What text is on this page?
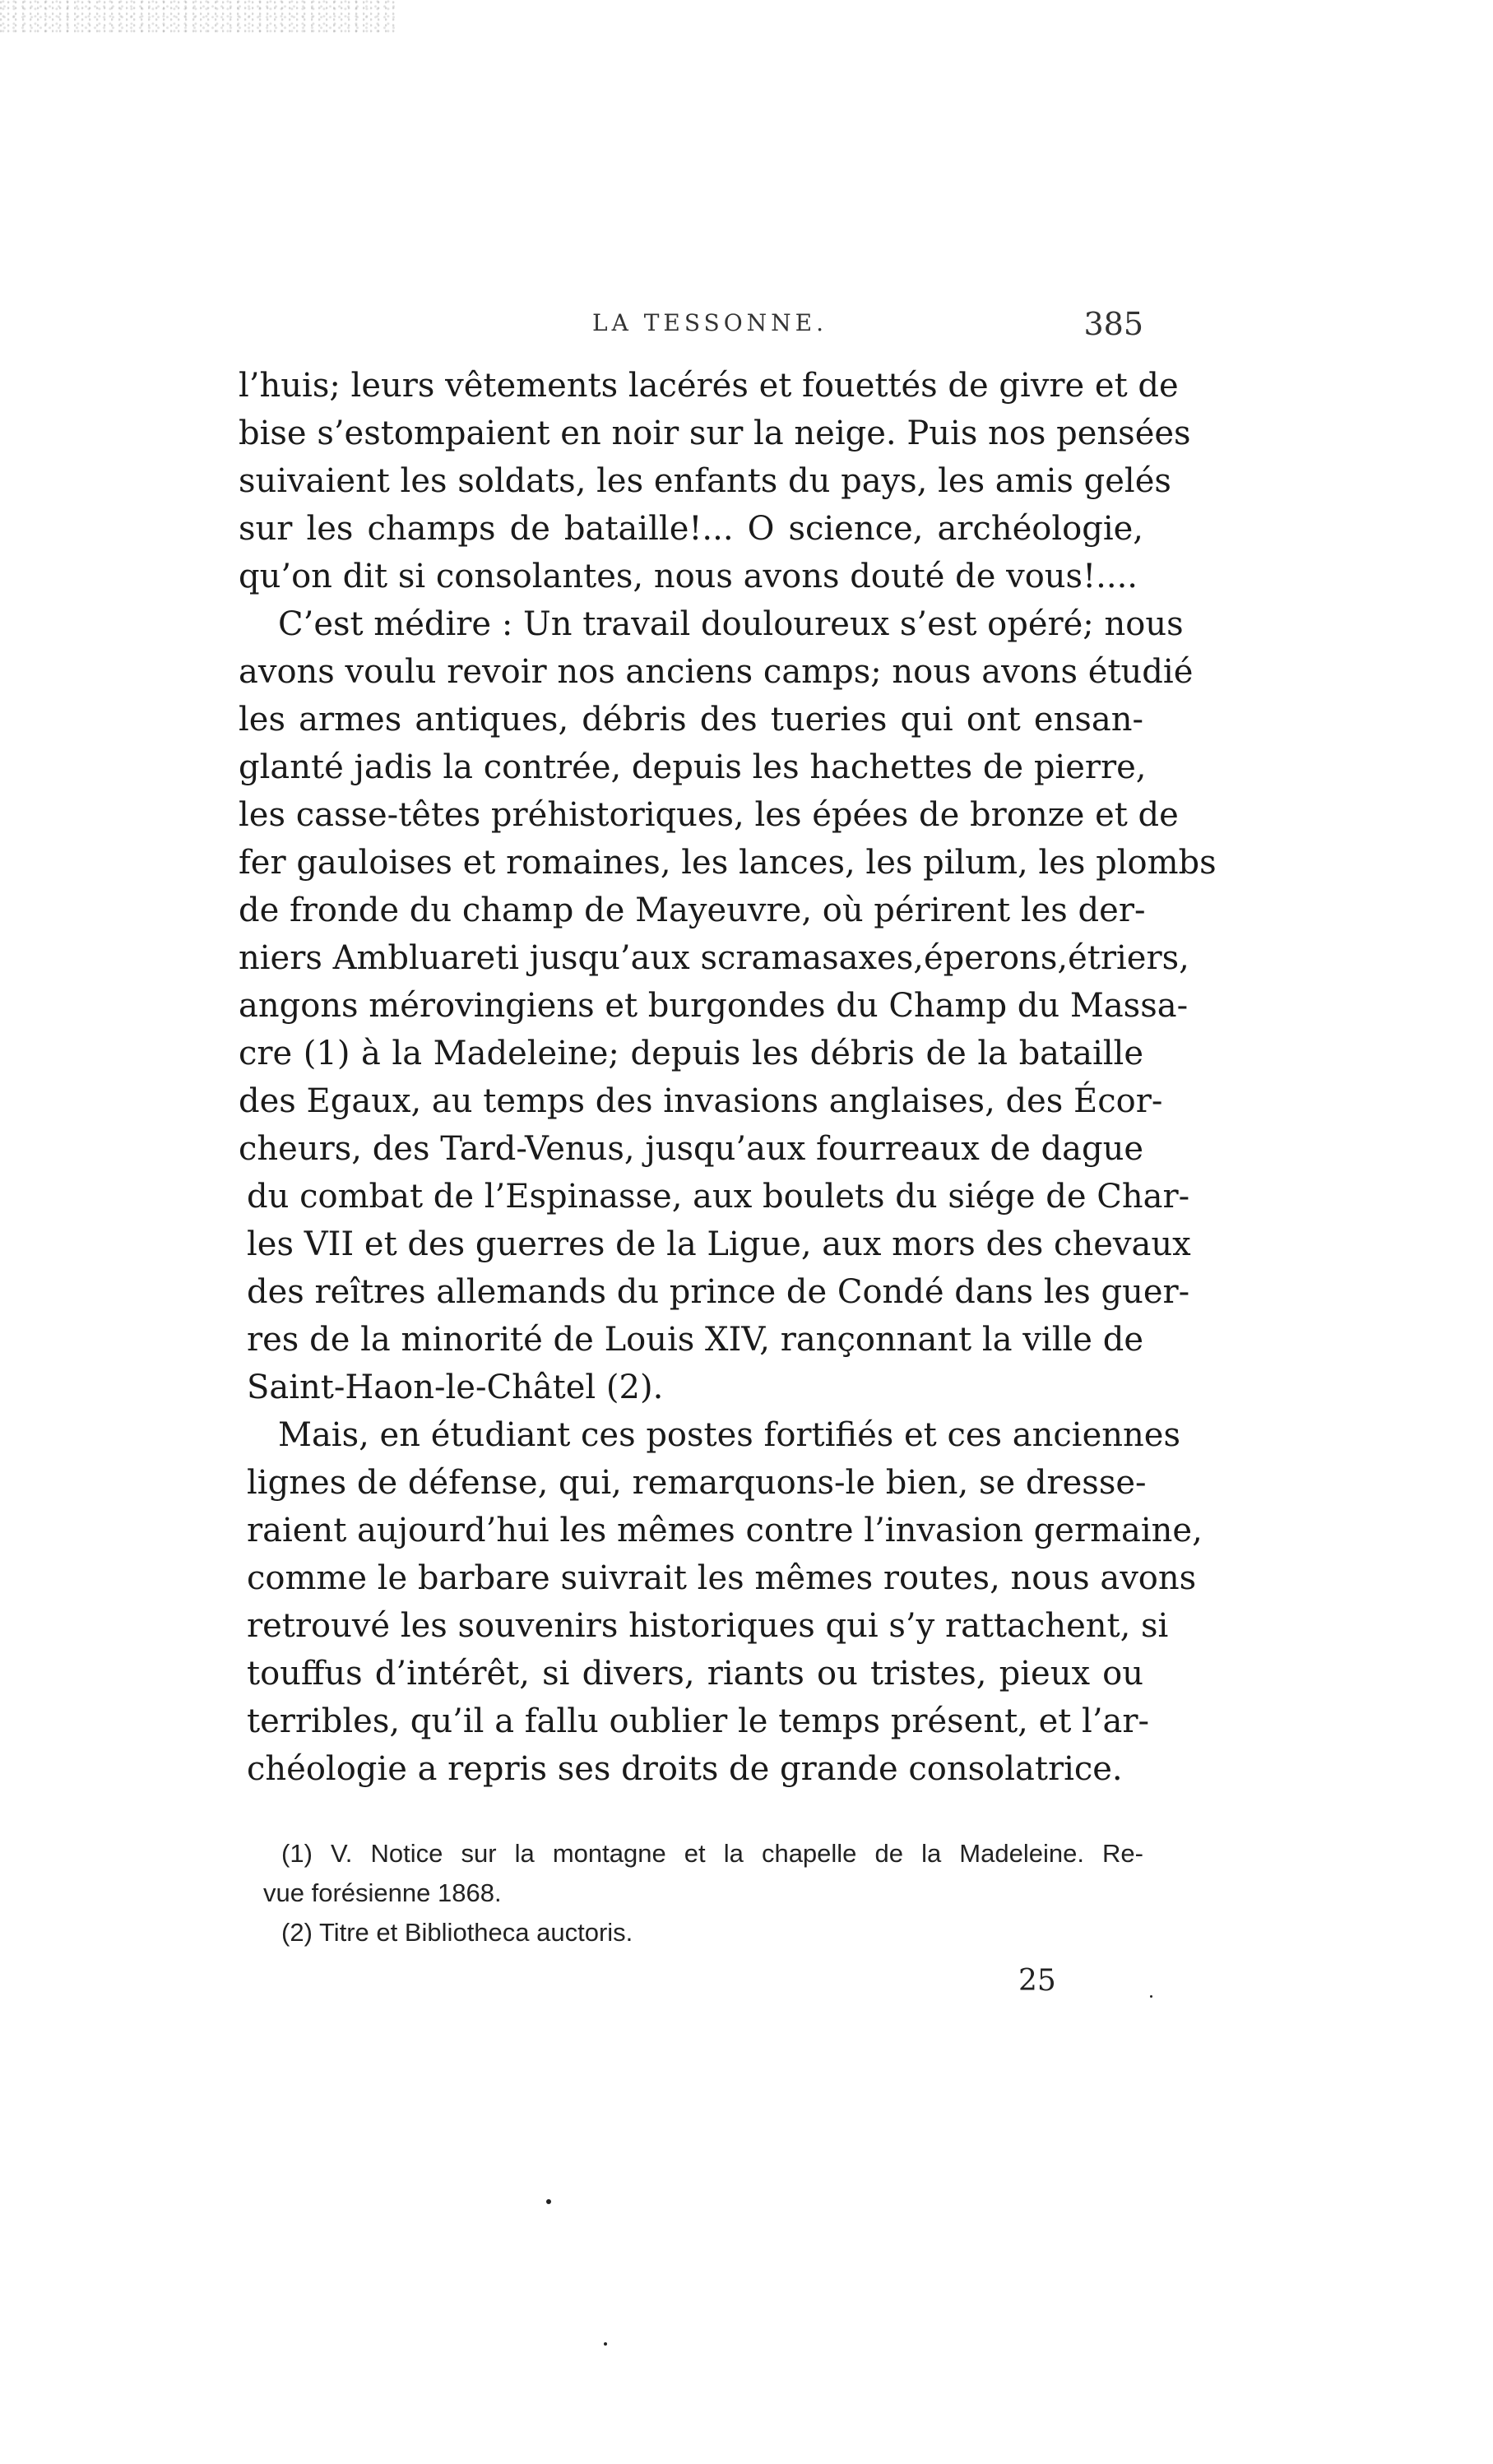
LA TESSONNE.	385
l’huis; leurs vêtements lacérés et fouettés de givre et de
bise s’estompaient en noir sur la neige. Puis nos pensées
suivaient les soldats, les enfants du pays, les amis gelés
sur les champs de bataille!... O science, archéologie,
qu’on dit si consolantes, nous avons douté de vous!....
C’est médire : Un travail douloureux s’est opéré; nous
avons voulu revoir nos anciens camps; nous avons étudié
les armes antiques, débris des tueries qui ont ensan-
glanté jadis la contrée, depuis les hachettes de pierre,
les casse-têtes préhistoriques, les épées de bronze et de
fer gauloises et romaines, les lances, les pilum, les plombs
de fronde du champ de Mayeuvre, où périrent les der-
niers Ambluareti jusqu’aux scramasaxes,éperons,étriers,
angons mérovingiens et burgondes du Champ du Massa-
cre (1) à la Madeleine; depuis les débris de la bataille
des Egaux, au temps des invasions anglaises, des Écor-
cheurs, des Tard-Venus, jusqu’aux fourreaux de dague
du combat de l’Espinasse, aux boulets du siége de Char-
les VII et des guerres de la Ligue, aux mors des chevaux
des reîtres allemands du prince de Condé dans les guer-
res de la minorité de Louis XIV, rançonnant la ville de
Saint-Haon-le-Châtel (2).
Mais, en étudiant ces postes fortifiés et ces anciennes
lignes de défense, qui, remarquons-le bien, se dresse-
raient aujourd’hui les mêmes contre l’invasion germaine,
comme le barbare suivrait les mêmes routes, nous avons
retrouvé les souvenirs historiques qui s’y rattachent, si
touffus d’intérêt, si divers, riants ou tristes, pieux ou
terribles, qu’il a fallu oublier le temps présent, et l’ar-
chéologie a repris ses droits de grande consolatrice.
(1) V. Notice sur la montagne et la chapelle de la Madeleine. Re-
vue forésienne 1868.
(2) Titre et Bibliotheca auctoris.
25
